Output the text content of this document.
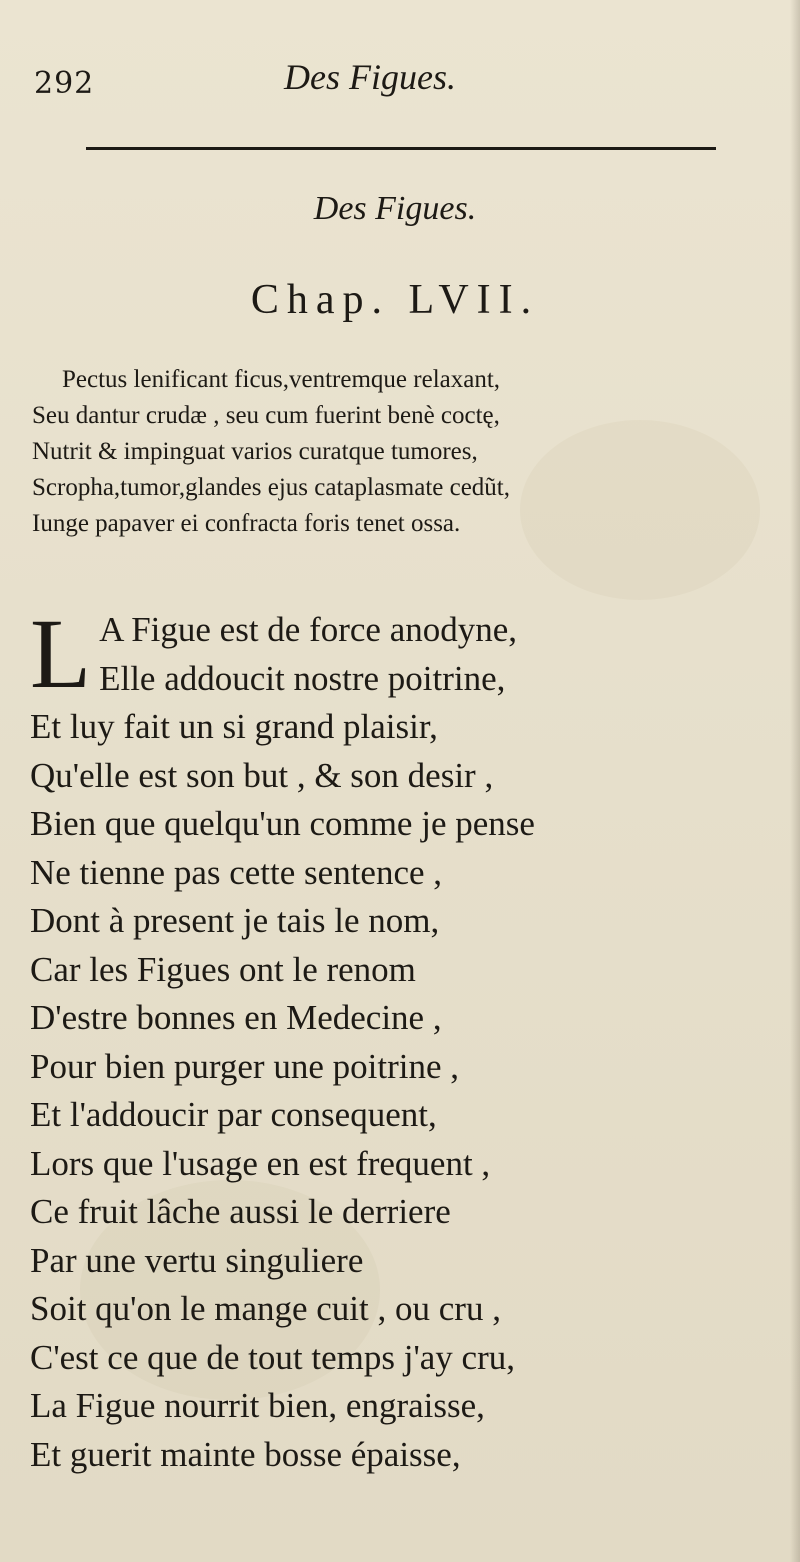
292	Des Figues.
Des Figues.
Chap. LVII.
Pectus lenificant ficus,ventremque relaxant,
Seu dantur crudæ , seu cum fuerint benè coctę,
Nutrit & impinguat varios curatque tumores,
Scropha,tumor,glandes ejus cataplasmate cedũt,
Iunge papaver ei confracta foris tenet ossa.
L A Figue est de force anodyne,
Elle addoucit nostre poitrine,
Et luy fait un si grand plaisir,
Qu'elle est son but , & son desir ,
Bien que quelqu'un comme je pense
Ne tienne pas cette sentence ,
Dont à present je tais le nom,
Car les Figues ont le renom
D'estre bonnes en Medecine ,
Pour bien purger une poitrine ,
Et l'addoucir par consequent,
Lors que l'usage en est frequent ,
Ce fruit lâche aussi le derriere
Par une vertu singuliere
Soit qu'on le mange cuit , ou cru ,
C'est ce que de tout temps j'ay cru,
La Figue nourrit bien, engraisse,
Et guerit mainte bosse épaisse,
